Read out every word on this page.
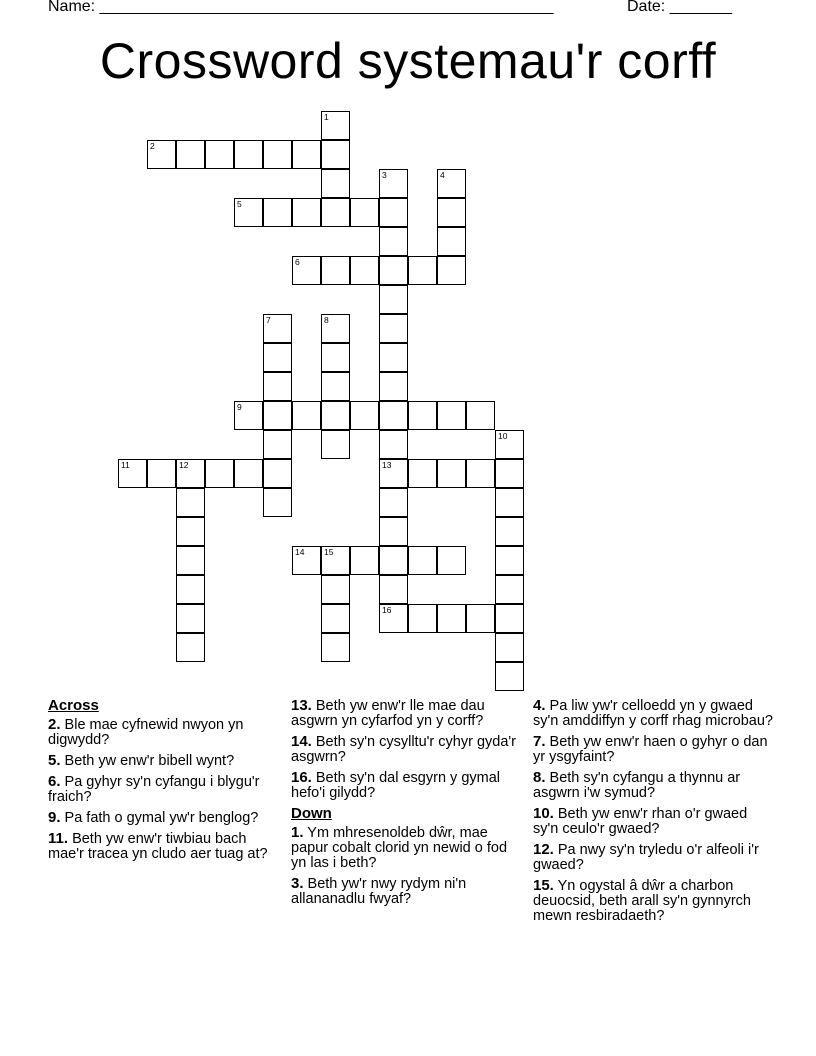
Name: ___________________________________________________	Date: _______
Crossword systemau'r corff
1
2
3
13
4
5
6
7	8
9
10
11	12
14 15
16
Across
2. Ble mae cyfnewid nwyon yn digwydd?
5. Beth yw enw'r bibell wynt?
6. Pa gyhyr sy'n cyfangu i blygu'r fraich?
9. Pa fath o gymal yw'r benglog?
11. Beth yw enw'r tiwbiau bach mae'r tracea yn cludo aer tuag at?
13. Beth yw enw'r lle mae dau asgwrn yn cyfarfod yn y corff?
14. Beth sy'n cysylltu'r cyhyr gyda'r asgwrn?
16. Beth sy'n dal esgyrn y gymal hefo'i gilydd?
Down
1. Ym mhresenoldeb dŵr, mae papur cobalt clorid yn newid o fod yn las i beth?
3. Beth yw'r nwy rydym ni'n allananadlu fwyaf?
4. Pa liw yw'r celloedd yn y gwaed sy'n amddiffyn y corff rhag microbau?
7. Beth yw enw'r haen o gyhyr o dan yr ysgyfaint?
8. Beth sy'n cyfangu a thynnu ar asgwrn i'w symud?
10. Beth yw enw'r rhan o'r gwaed sy'n ceulo'r gwaed?
12. Pa nwy sy'n tryledu o'r alfeoli i'r gwaed?
15. Yn ogystal â dŵr a charbon deuocsid, beth arall sy'n gynnyrch mewn resbiradaeth?
